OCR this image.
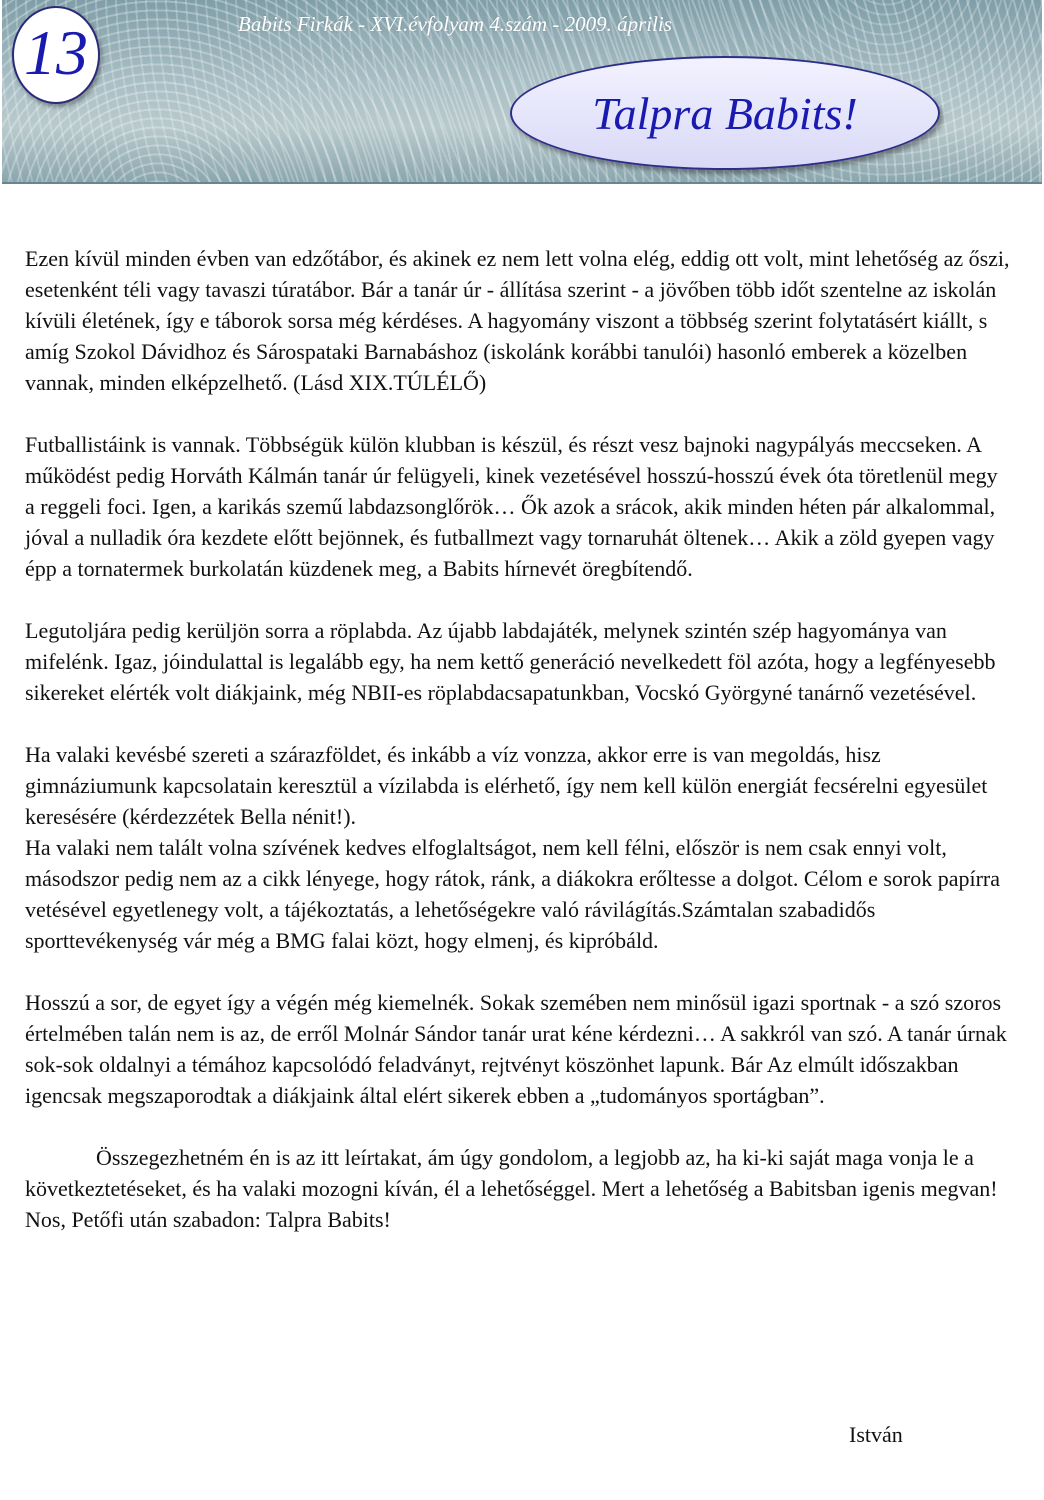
13	Babits Firkák - XVI.évfolyam 4.szám - 2009. április
Talpra Babits!

Ezen kívül minden évben van edzőtábor, és akinek ez nem lett volna elég, eddig ott volt, mint lehetőség az őszi, esetenként téli vagy tavaszi túratábor. Bár a tanár úr - állítása szerint - a jövőben több időt szentelne az iskolán kívüli életének, így e táborok sorsa még kérdéses. A hagyomány viszont a többség szerint folytatásért kiállt, s amíg Szokol Dávidhoz és Sárospataki Barnabáshoz (iskolánk korábbi tanulói) hasonló emberek a közelben vannak, minden elképzelhető. (Lásd XIX.TÚLÉLŐ)

Futballistáink is vannak. Többségük külön klubban is készül, és részt vesz bajnoki nagypályás meccseken. A működést pedig Horváth Kálmán tanár úr felügyeli, kinek vezetésével hosszú-hosszú évek óta töretlenül megy a reggeli foci. Igen, a karikás szemű labdazsonglőrök… Ők azok a srácok, akik minden héten pár alkalommal, jóval a nulladik óra kezdete előtt bejönnek, és futballmezt vagy tornaruhát öltenek… Akik a zöld gyepen vagy épp a tornatermek burkolatán küzdenek meg, a Babits hírnevét öregbítendő.

Legutoljára pedig kerüljön sorra a röplabda. Az újabb labdajáték, melynek szintén szép hagyománya van mifelénk. Igaz, jóindulattal is legalább egy, ha nem kettő generáció nevelkedett föl azóta, hogy a legfényesebb sikereket elérték volt diákjaink, még NBII-es röplabdacsapatunkban, Vocskó Györgyné tanárnő vezetésével.

Ha valaki kevésbé szereti a szárazföldet, és inkább a víz vonzza, akkor erre is van megoldás, hisz gimnáziumunk kapcsolatain keresztül a vízilabda is elérhető, így nem kell külön energiát fecsérelni egyesület keresésére (kérdezzétek Bella nénit!).

Ha valaki nem talált volna szívének kedves elfoglaltságot, nem kell félni, először is nem csak ennyi volt, másodszor pedig nem az a cikk lényege, hogy rátok, ránk, a diákokra erőltesse a dolgot. Célom e sorok papírra vetésével egyetlenegy volt, a tájékoztatás, a lehetőségekre való rávilágítás.Számtalan szabadidős sporttevékenység vár még a BMG falai közt, hogy elmenj, és kipróbáld.

Hosszú a sor, de egyet így a végén még kiemelnék. Sokak szemében nem minősül igazi sportnak - a szó szoros értelmében talán nem is az, de erről Molnár Sándor tanár urat kéne kérdezni… A sakkról van szó. A tanár úrnak sok-sok oldalnyi a témához kapcsolódó feladványt, rejtvényt köszönhet lapunk. Bár Az elmúlt időszakban igencsak megszaporodtak a diákjaink által elért sikerek ebben a „tudományos sportágban”.

Összegezhetném én is az itt leírtakat, ám úgy gondolom, a legjobb az, ha ki-ki saját maga vonja le a következtetéseket, és ha valaki mozogni kíván, él a lehetőséggel. Mert a lehetőség a Babitsban igenis megvan! Nos, Petőfi után szabadon: Talpra Babits!

István
